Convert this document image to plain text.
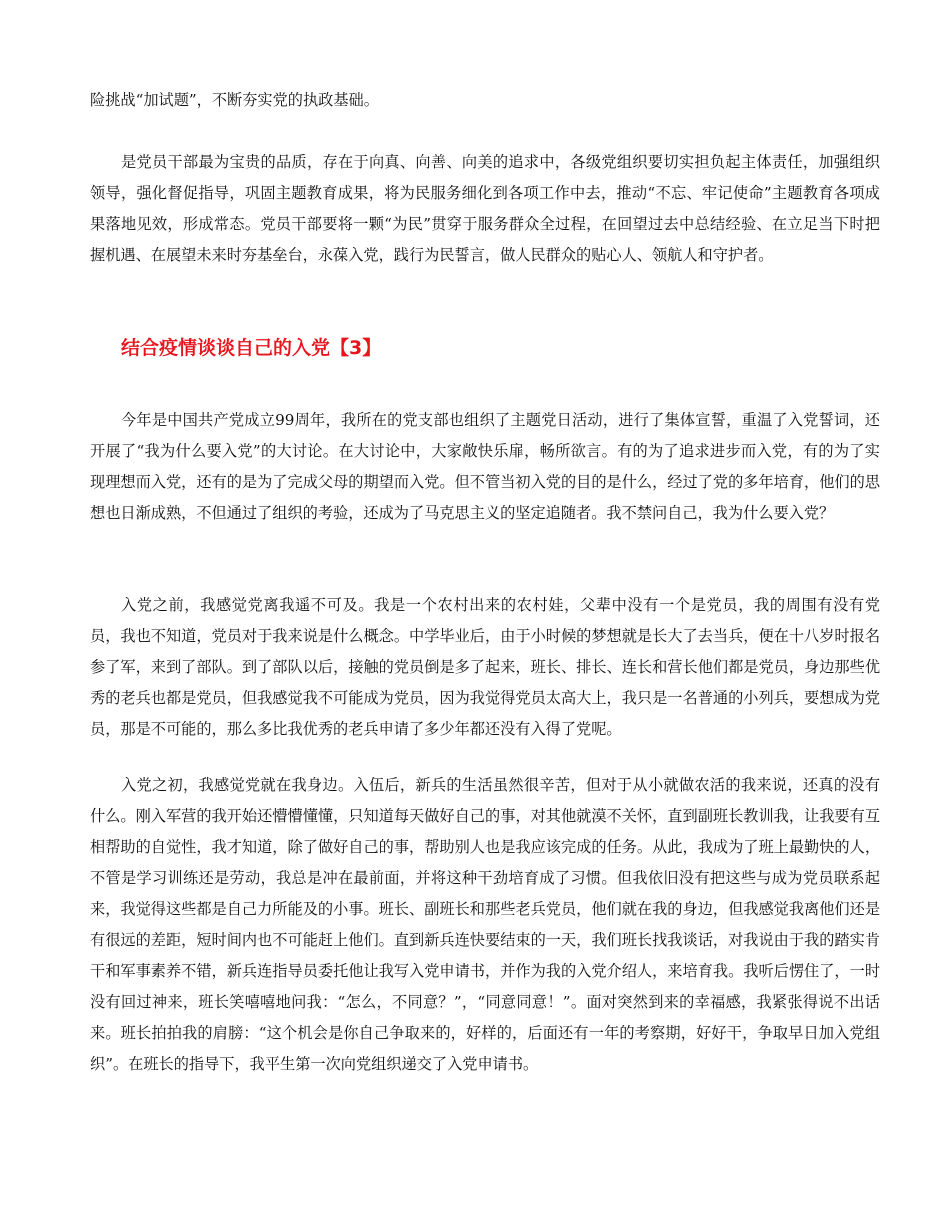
险挑战“加试题”，不断夯实党的执政基础。

是党员干部最为宝贵的品质，存在于向真、向善、向美的追求中，各级党组织要切实担负起主体责任，加强组织领导，强化督促指导，巩固主题教育成果，将为民服务细化到各项工作中去，推动“不忘、牢记使命”主题教育各项成果落地见效，形成常态。党员干部要将一颗“为民”贯穿于服务群众全过程，在回望过去中总结经验、在立足当下时把握机遇、在展望未来时夯基垒台，永葆入党，践行为民誓言，做人民群众的贴心人、领航人和守护者。

结合疫情谈谈自己的入党【3】

今年是中国共产党成立99周年，我所在的党支部也组织了主题党日活动，进行了集体宣誓，重温了入党誓词，还开展了“我为什么要入党”的大讨论。在大讨论中，大家敞快乐扉，畅所欲言。有的为了追求进步而入党，有的为了实现理想而入党，还有的是为了完成父母的期望而入党。但不管当初入党的目的是什么，经过了党的多年培育，他们的思想也日渐成熟，不但通过了组织的考验，还成为了马克思主义的坚定追随者。我不禁问自己，我为什么要入党？

入党之前，我感觉党离我遥不可及。我是一个农村出来的农村娃，父辈中没有一个是党员，我的周围有没有党员，我也不知道，党员对于我来说是什么概念。中学毕业后，由于小时候的梦想就是长大了去当兵，便在十八岁时报名参了军，来到了部队。到了部队以后，接触的党员倒是多了起来，班长、排长、连长和营长他们都是党员，身边那些优秀的老兵也都是党员，但我感觉我不可能成为党员，因为我觉得党员太高大上，我只是一名普通的小列兵，要想成为党员，那是不可能的，那么多比我优秀的老兵申请了多少年都还没有入得了党呢。

入党之初，我感觉党就在我身边。入伍后，新兵的生活虽然很辛苦，但对于从小就做农活的我来说，还真的没有什么。刚入军营的我开始还懵懵懂懂，只知道每天做好自己的事，对其他就漠不关怀，直到副班长教训我，让我要有互相帮助的自觉性，我才知道，除了做好自己的事，帮助别人也是我应该完成的任务。从此，我成为了班上最勤快的人，不管是学习训练还是劳动，我总是冲在最前面，并将这种干劲培育成了习惯。但我依旧没有把这些与成为党员联系起来，我觉得这些都是自己力所能及的小事。班长、副班长和那些老兵党员，他们就在我的身边，但我感觉我离他们还是有很远的差距，短时间内也不可能赶上他们。直到新兵连快要结束的一天，我们班长找我谈话，对我说由于我的踏实肯干和军事素养不错，新兵连指导员委托他让我写入党申请书，并作为我的入党介绍人，来培育我。我听后愣住了，一时没有回过神来，班长笑嘻嘻地问我：“怎么，不同意？”，“同意同意！”。面对突然到来的幸福感，我紧张得说不出话来。班长拍拍我的肩膀：“这个机会是你自己争取来的，好样的，后面还有一年的考察期，好好干，争取早日加入党组织”。在班长的指导下，我平生第一次向党组织递交了入党申请书。
